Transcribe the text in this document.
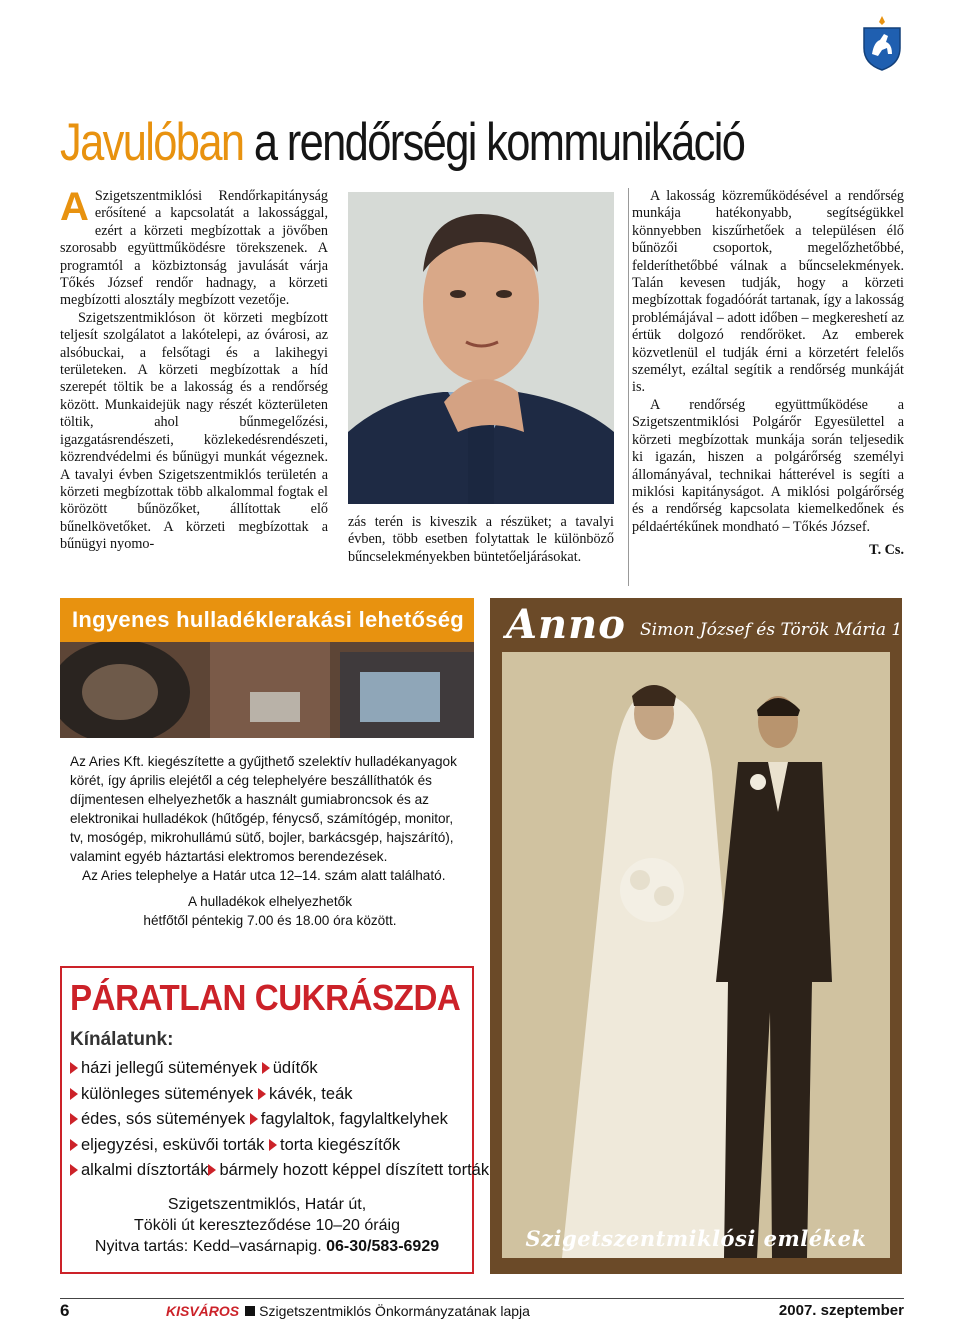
Javulóban a rendőrségi kommunikáció

A Szigetszentmiklósi Rendőrkapitányság erősítené a kapcsolatát a lakossággal, ezért a körzeti megbízottak a jövőben szorosabb együttműködésre törekszenek. A programtól a közbiztonság javulását várja Tőkés József rendőr hadnagy, a körzeti megbízotti alosztály megbízott vezetője.

Szigetszentmiklóson öt körzeti megbízott teljesít szolgálatot a lakótelepi, az óvárosi, az alsóbuckai, a felsőtagi és a lakihegyi területeken. A körzeti megbízottak a híd szerepét töltik be a lakosság és a rendőrség között. Munkaidejük nagy részét közterületen töltik, ahol bűnmegelőzési, igazgatásrendészeti, közlekedésrendészeti, közrendvédelmi és bűnügyi munkát végeznek. A tavalyi évben Szigetszentmiklós területén a körzeti megbízottak több alkalommal fogtak el körözött bűnözőket, állítottak elő bűnelkövetőket. A körzeti megbízottak a bűnügyi nyomo-

zás terén is kiveszik a részüket; a tavalyi évben, több esetben folytattak le különböző bűncselekményekben büntetőeljárásokat.

A lakosság közreműködésével a rendőrség munkája hatékonyabb, segítségükkel könnyebben kiszűrhetőek a településen élő bűnözői csoportok, megelőzhetőbbé, felderíthetőbbé válnak a bűncselekmények. Talán kevesen tudják, hogy a körzeti megbízottak fogadóórát tartanak, így a lakosság problémájával – adott időben – megkereshetí az értük dolgozó rendőröket. Az emberek közvetlenül el tudják érni a körzetért felelős személyt, ezáltal segítik a rendőrség munkáját is.

A rendőrség együttműködése a Szigetszentmiklósi Polgárőr Egyesülettel a körzeti megbízottak munkája során teljesedik ki igazán, hiszen a polgárőrség személyi állományával, technikai hátterével is segíti a miklósi kapitányságot. A miklósi polgárőrség és a rendőrség kapcsolata kiemelkedőnek és példaértékűnek mondható – Tőkés József.

T. Cs.
Ingyenes hulladéklerakási lehetőség

Az Aries Kft. kiegészítette a gyűjthető szelektív hulladékanyagok körét, így április elejétől a cég telephelyére beszállíthatók és díjmentesen elhelyezhetők a használt gumiabroncsok és az elektronikai hulladékok (hűtőgép, fénycső, számítógép, monitor, tv, mosógép, mikrohullámú sütő, bojler, barkácsgép, hajszárító), valamint egyéb háztartási elektromos berendezések.

Az Aries telephelye a Határ utca 12–14. szám alatt található.

A hulladékok elhelyezhetők
hétfőtől péntekig 7.00 és 18.00 óra között.
PÁRATLAN CUKRÁSZDA
Kínálatunk:
házi jellegű sütemények üdítők
különleges sütemények kávék, teák
édes, sós sütemények fagylaltok, fagylaltkelyhek
eljegyzési, esküvői torták torta kiegészítők
alkalmi dísztorták bármely hozott képpel díszített torták
Szigetszentmiklós, Határ út,
Tököli út kereszteződése 10–20 óráig
Nyitva tartás: Kedd–vasárnapig. 06-30/583-6929
Anno Simon József és Török Mária 1938
Szigetszentmiklósi emlékek
6	KISVÁROS Szigetszentmiklós Önkormányzatának lapja	2007. szeptember
